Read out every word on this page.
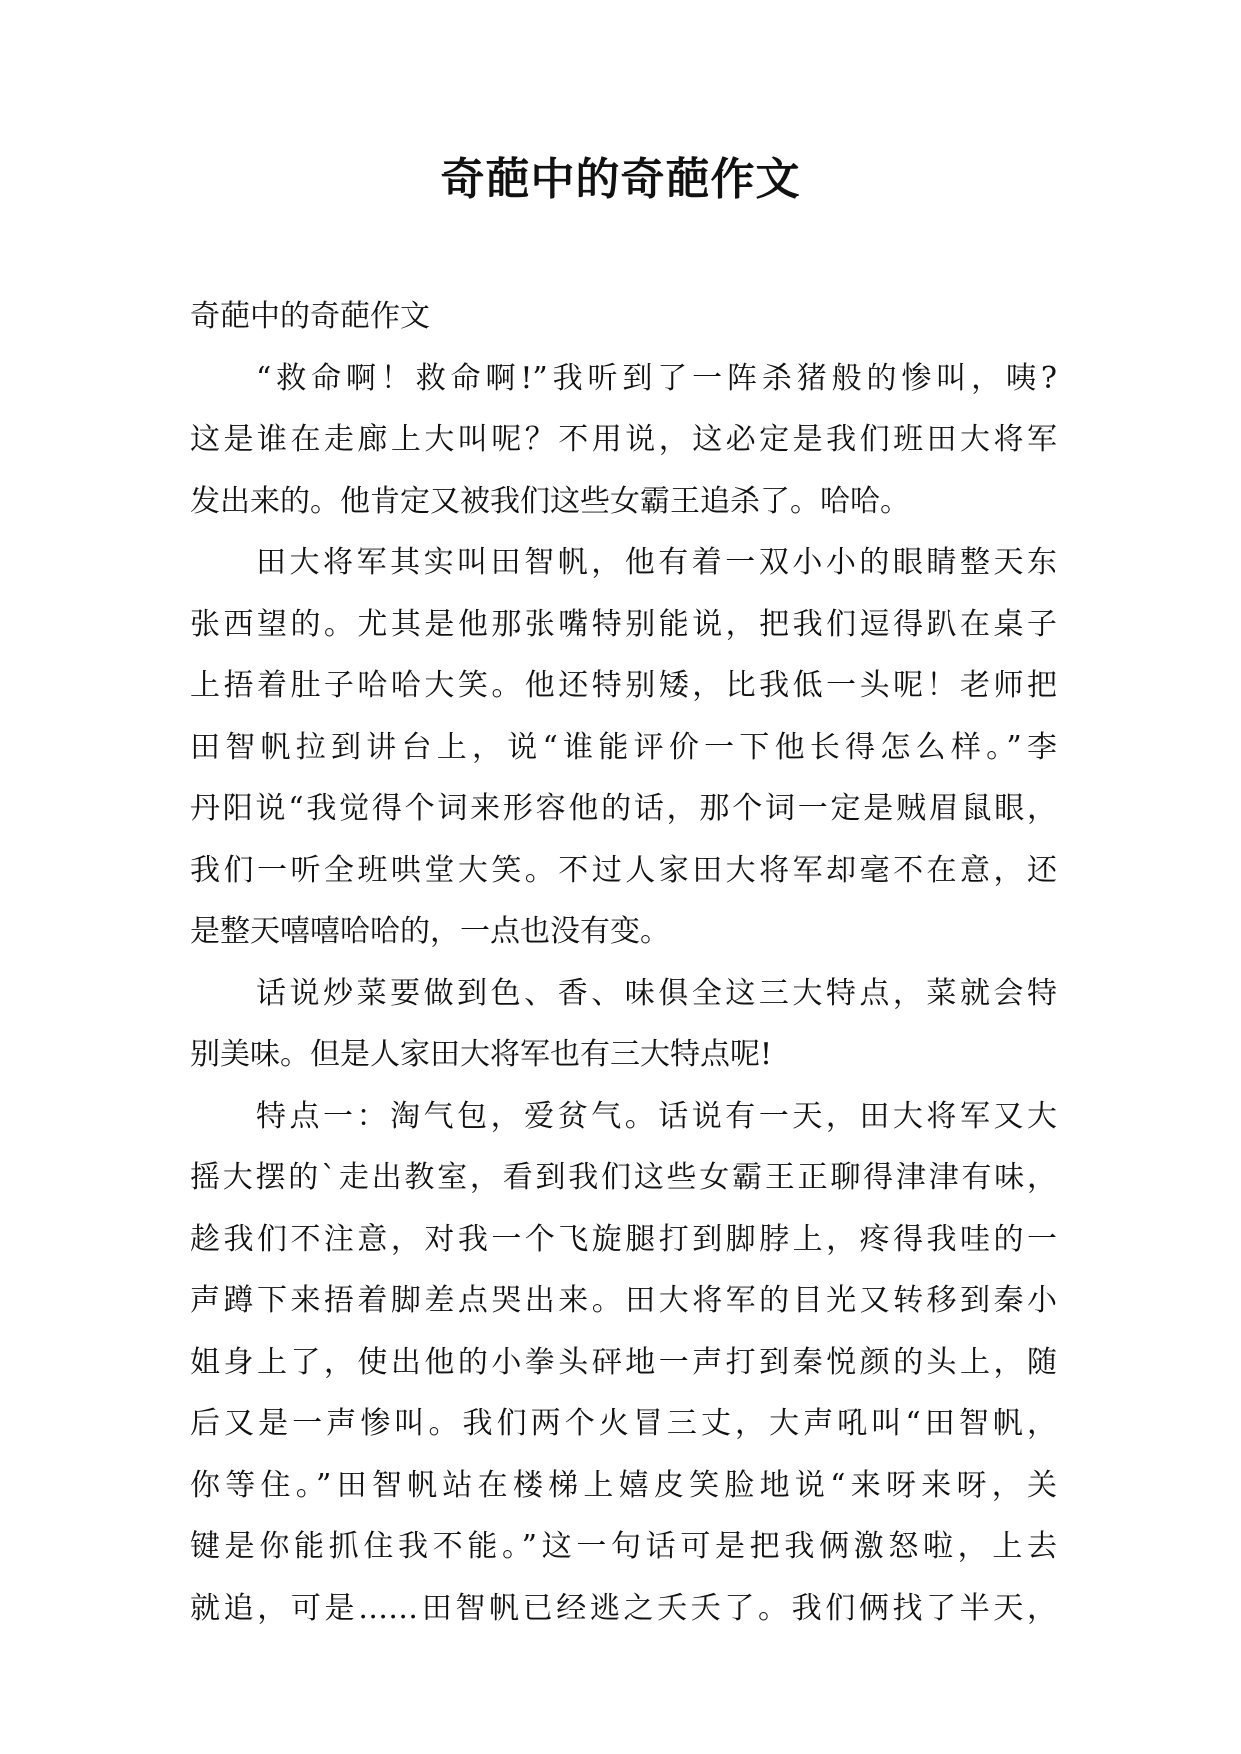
奇葩中的奇葩作文
奇葩中的奇葩作文
“救命啊！救命啊!”我听到了一阵杀猪般的惨叫，咦?
这是谁在走廊上大叫呢？不用说，这必定是我们班田大将军
发出来的。他肯定又被我们这些女霸王追杀了。哈哈。
田大将军其实叫田智帆，他有着一双小小的眼睛整天东
张西望的。尤其是他那张嘴特别能说，把我们逗得趴在桌子
上捂着肚子哈哈大笑。他还特别矮，比我低一头呢！老师把
田智帆拉到讲台上，说“谁能评价一下他长得怎么样。”李
丹阳说“我觉得个词来形容他的话，那个词一定是贼眉鼠眼，
我们一听全班哄堂大笑。不过人家田大将军却毫不在意，还
是整天嘻嘻哈哈的，一点也没有变。
话说炒菜要做到色、香、味俱全这三大特点，菜就会特
别美味。但是人家田大将军也有三大特点呢!
特点一：淘气包，爱贫气。话说有一天，田大将军又大
摇大摆的`走出教室，看到我们这些女霸王正聊得津津有味，
趁我们不注意，对我一个飞旋腿打到脚脖上，疼得我哇的一
声蹲下来捂着脚差点哭出来。田大将军的目光又转移到秦小
姐身上了，使出他的小拳头砰地一声打到秦悦颜的头上，随
后又是一声惨叫。我们两个火冒三丈，大声吼叫“田智帆，
你等住。”田智帆站在楼梯上嬉皮笑脸地说“来呀来呀，关
键是你能抓住我不能。”这一句话可是把我俩激怒啦，上去
就追，可是……田智帆已经逃之夭夭了。我们俩找了半天，
